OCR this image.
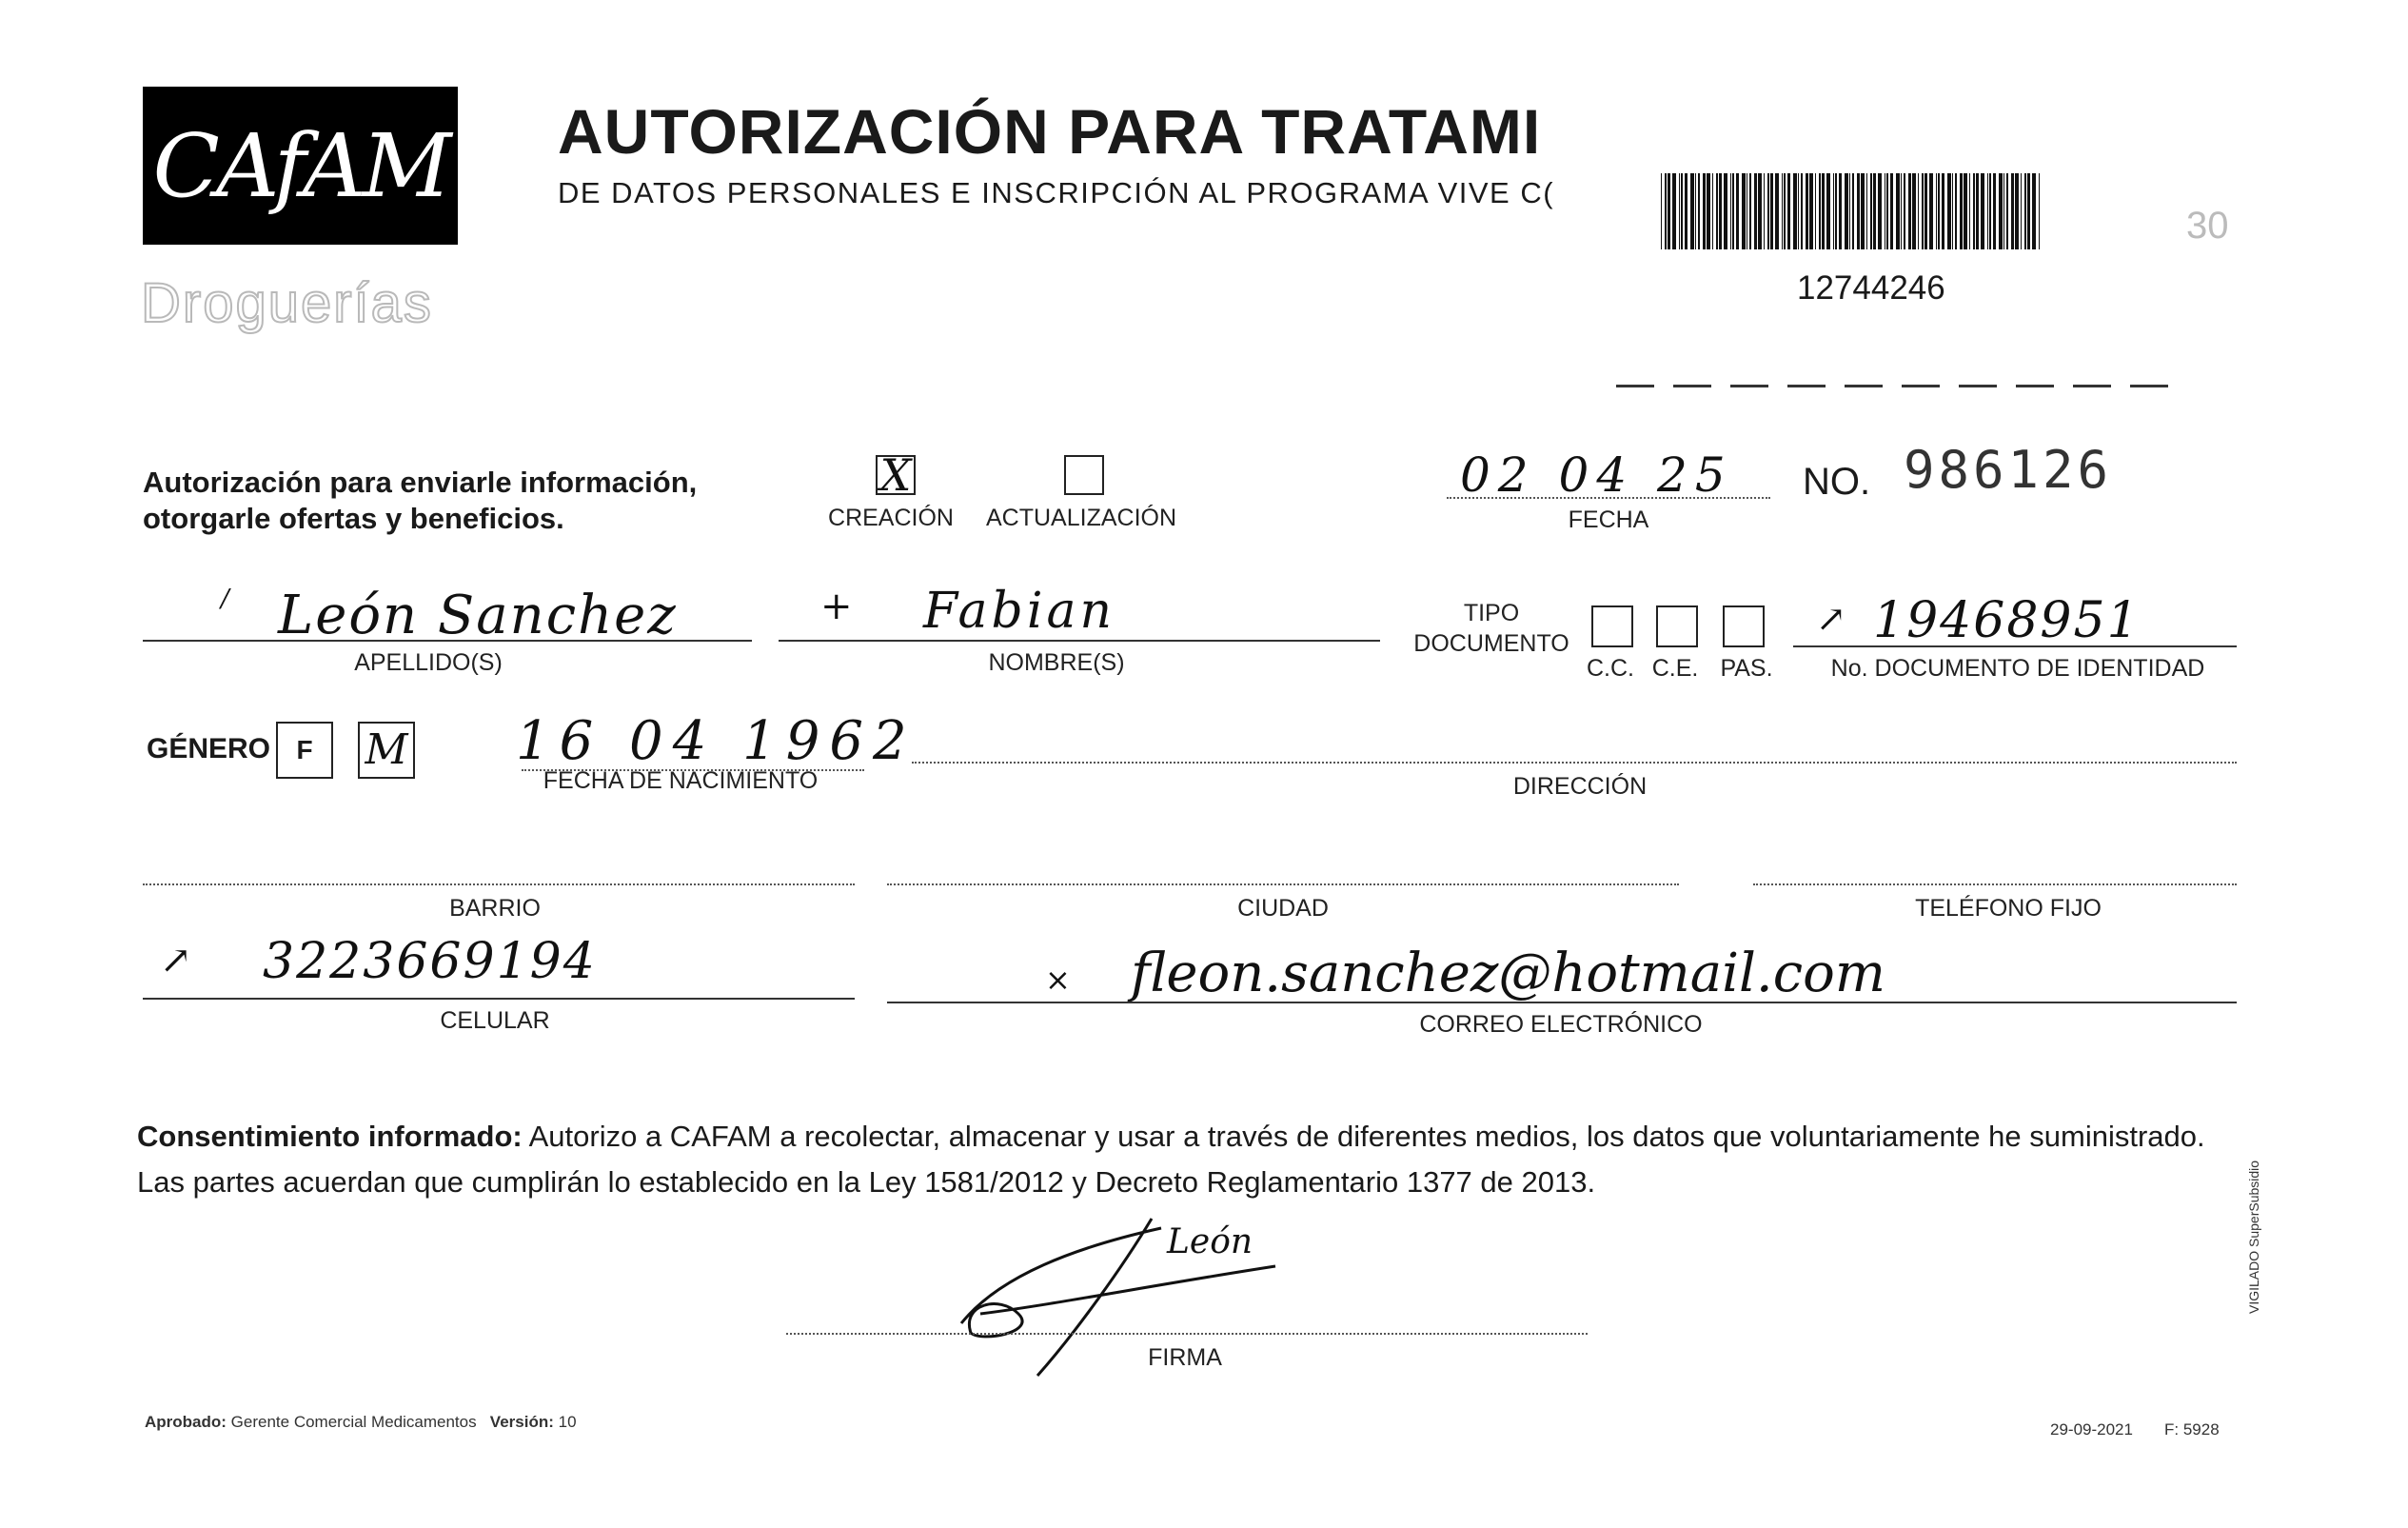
CAfAM
Droguerías
AUTORIZACIÓN PARA TRATAMI
DE DATOS PERSONALES E INSCRIPCIÓN AL PROGRAMA VIVE C(
12744246
30
Autorización para enviarle información,
otorgarle ofertas y beneficios.
X
CREACIÓN ACTUALIZACIÓN
02 04 25
FECHA
NO. 986126
/ León Sanchez
APELLIDO(S)
+ Fabian
NOMBRE(S)
TIPO
DOCUMENTO
C.C. C.E. PAS.
↗ 19468951
No. DOCUMENTO DE IDENTIDAD
GÉNERO F	M 16 04 1962
FECHA DE NACIMIENTO	DIRECCIÓN
BARRIO	CIUDAD	TELÉFONO FIJO
↗ 3223669194
CELULAR
× fleon.sanchez@hotmail.com
CORREO ELECTRÓNICO
Consentimiento informado: Autorizo a CAFAM a recolectar, almacenar y usar a través de diferentes medios, los datos que voluntariamente he suministrado.
Las partes acuerdan que cumplirán lo establecido en la Ley 1581/2012 y Decreto Reglamentario 1377 de 2013.
León
FIRMA
Aprobado: Gerente Comercial Medicamentos Versión: 10	29-09-2021 F: 5928
VIGILADO SuperSubsidio
